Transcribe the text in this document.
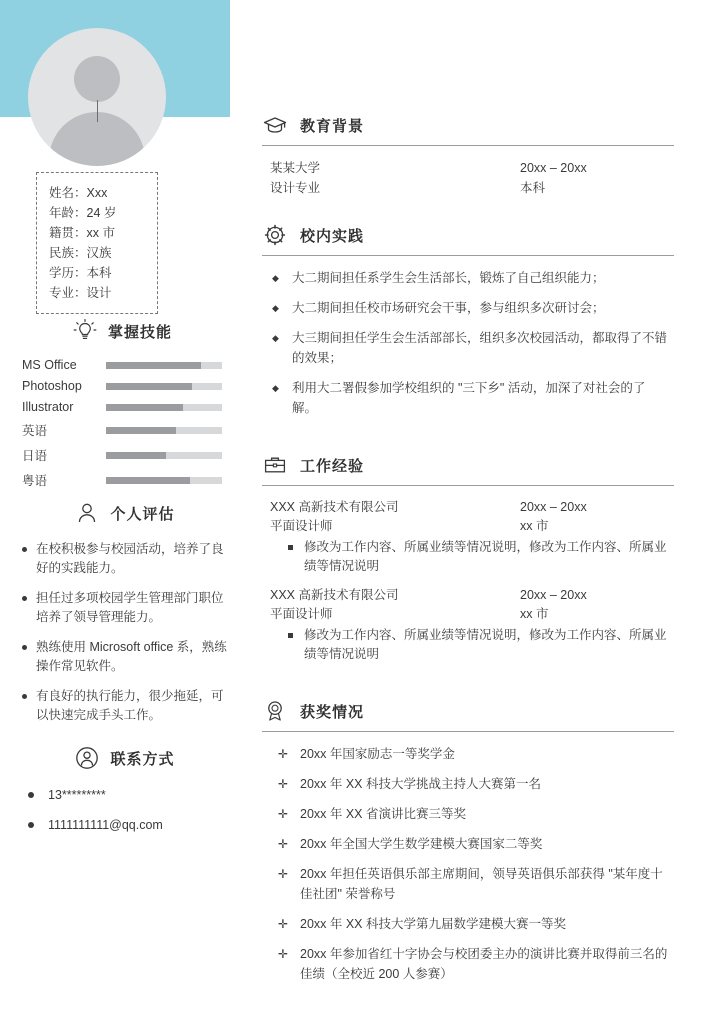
姓名：Xxx
年龄：24 岁
籍贯：xx 市
民族：汉族
学历：本科
专业：设计
掌握技能
MS Office
Photoshop
Illustrator
英语
日语
粤语
个人评估
在校积极参与校园活动，培养了良好的实践能力。
担任过多项校园学生管理部门职位培养了领导管理能力。
熟练使用 Microsoft office 系，熟练操作常见软件。
有良好的执行能力，很少拖延，可以快速完成手头工作。
联系方式
13*********
1111111111@qq.com
教育背景
某某大学	20xx – 20xx
设计专业	本科
校内实践
◆ 大二期间担任系学生会生活部长，锻炼了自己组织能力；
◆ 大二期间担任校市场研究会干事，参与组织多次研讨会；
◆ 大三期间担任学生会生活部部长，组织多次校园活动，都取得了不错的效果；
◆ 利用大二署假参加学校组织的 "三下乡" 活动，加深了对社会的了解。
工作经验
XXX 高新技术有限公司	20xx – 20xx
平面设计师	xx 市
修改为工作内容、所属业绩等情况说明，修改为工作内容、所属业绩等情况说明
XXX 高新技术有限公司	20xx – 20xx
平面设计师	xx 市
修改为工作内容、所属业绩等情况说明，修改为工作内容、所属业绩等情况说明
获奖情况
✛ 20xx 年国家励志一等奖学金
✛ 20xx 年 XX 科技大学挑战主持人大赛第一名
✛ 20xx 年 XX 省演讲比赛三等奖
✛ 20xx 年全国大学生数学建模大赛国家二等奖
✛ 20xx 年担任英语俱乐部主席期间，领导英语俱乐部获得 "某年度十佳社团" 荣誉称号
✛ 20xx 年 XX 科技大学第九届数学建模大赛一等奖
✛ 20xx 年参加省红十字协会与校团委主办的演讲比赛并取得前三名的佳绩（全校近 200 人参赛）
